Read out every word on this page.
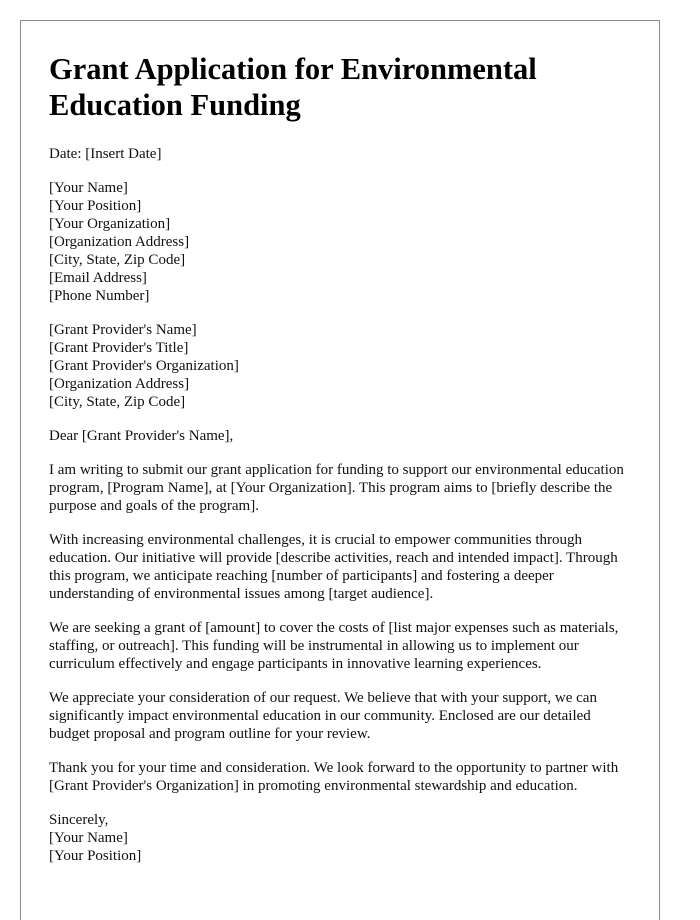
Grant Application for Environmental Education Funding
Date: [Insert Date]
[Your Name]
[Your Position]
[Your Organization]
[Organization Address]
[City, State, Zip Code]
[Email Address]
[Phone Number]
[Grant Provider's Name]
[Grant Provider's Title]
[Grant Provider's Organization]
[Organization Address]
[City, State, Zip Code]

Dear [Grant Provider's Name],

I am writing to submit our grant application for funding to support our environmental education program, [Program Name], at [Your Organization]. This program aims to [briefly describe the purpose and goals of the program].

With increasing environmental challenges, it is crucial to empower communities through education. Our initiative will provide [describe activities, reach and intended impact]. Through this program, we anticipate reaching [number of participants] and fostering a deeper understanding of environmental issues among [target audience].

We are seeking a grant of [amount] to cover the costs of [list major expenses such as materials, staffing, or outreach]. This funding will be instrumental in allowing us to implement our curriculum effectively and engage participants in innovative learning experiences.

We appreciate your consideration of our request. We believe that with your support, we can significantly impact environmental education in our community. Enclosed are our detailed budget proposal and program outline for your review.

Thank you for your time and consideration. We look forward to the opportunity to partner with [Grant Provider's Organization] in promoting environmental stewardship and education.

Sincerely,
[Your Name]
[Your Position]
